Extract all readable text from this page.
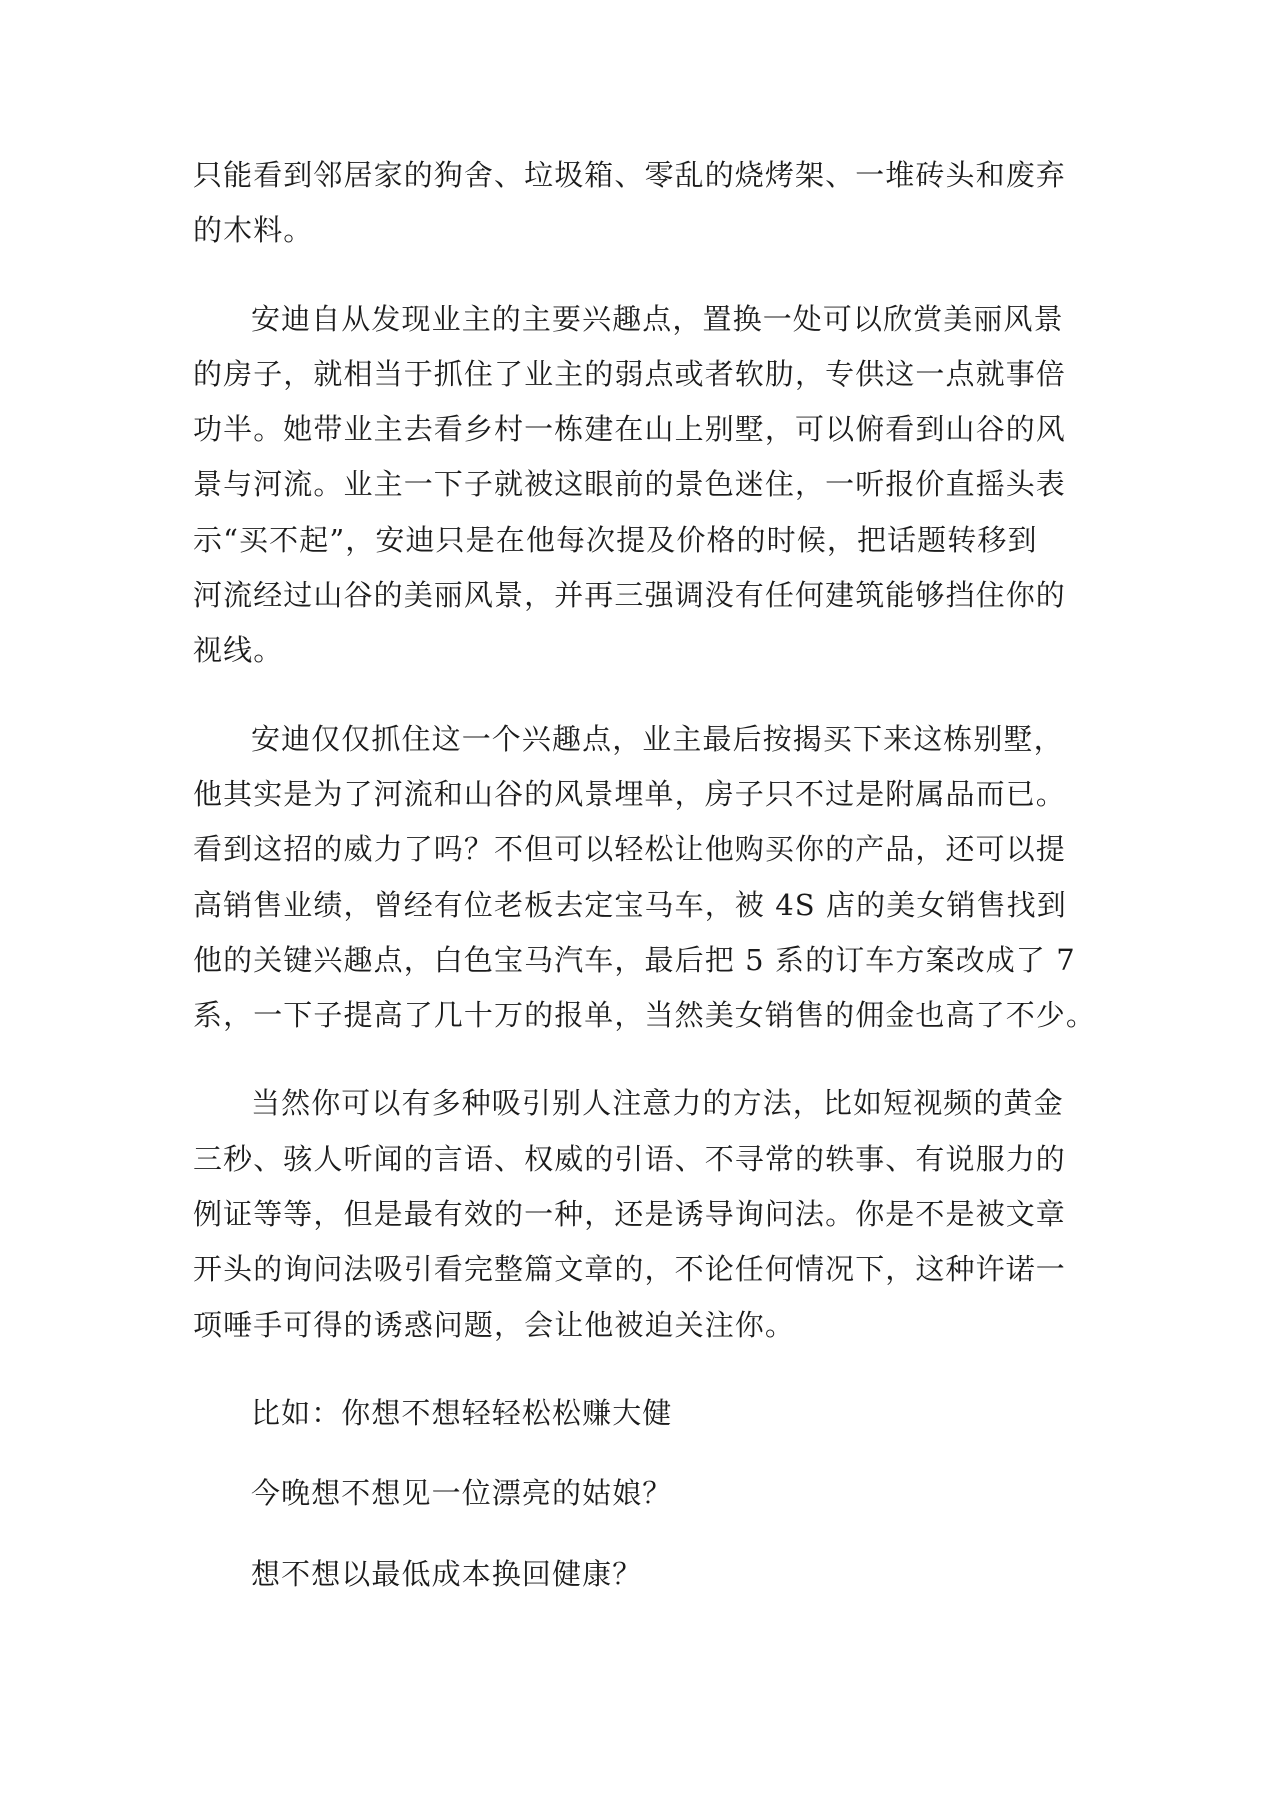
只能看到邻居家的狗舍、垃圾箱、零乱的烧烤架、一堆砖头和废弃
的木料。

安迪自从发现业主的主要兴趣点，置换一处可以欣赏美丽风景
的房子，就相当于抓住了业主的弱点或者软肋，专供这一点就事倍
功半。她带业主去看乡村一栋建在山上别墅，可以俯看到山谷的风
景与河流。业主一下子就被这眼前的景色迷住，一听报价直摇头表
示“买不起”，安迪只是在他每次提及价格的时候，把话题转移到
河流经过山谷的美丽风景，并再三强调没有任何建筑能够挡住你的
视线。

安迪仅仅抓住这一个兴趣点，业主最后按揭买下来这栋别墅，
他其实是为了河流和山谷的风景埋单，房子只不过是附属品而已。
看到这招的威力了吗？不但可以轻松让他购买你的产品，还可以提
高销售业绩，曾经有位老板去定宝马车，被 4S 店的美女销售找到
他的关键兴趣点，白色宝马汽车，最后把 5 系的订车方案改成了 7
系，一下子提高了几十万的报单，当然美女销售的佣金也高了不少。

当然你可以有多种吸引别人注意力的方法，比如短视频的黄金
三秒、骇人听闻的言语、权威的引语、不寻常的轶事、有说服力的
例证等等，但是最有效的一种，还是诱导询问法。你是不是被文章
开头的询问法吸引看完整篇文章的，不论任何情况下，这种许诺一
项唾手可得的诱惑问题，会让他被迫关注你。

比如：你想不想轻轻松松赚大健  

今晚想不想见一位漂亮的姑娘？

想不想以最低成本换回健康？
